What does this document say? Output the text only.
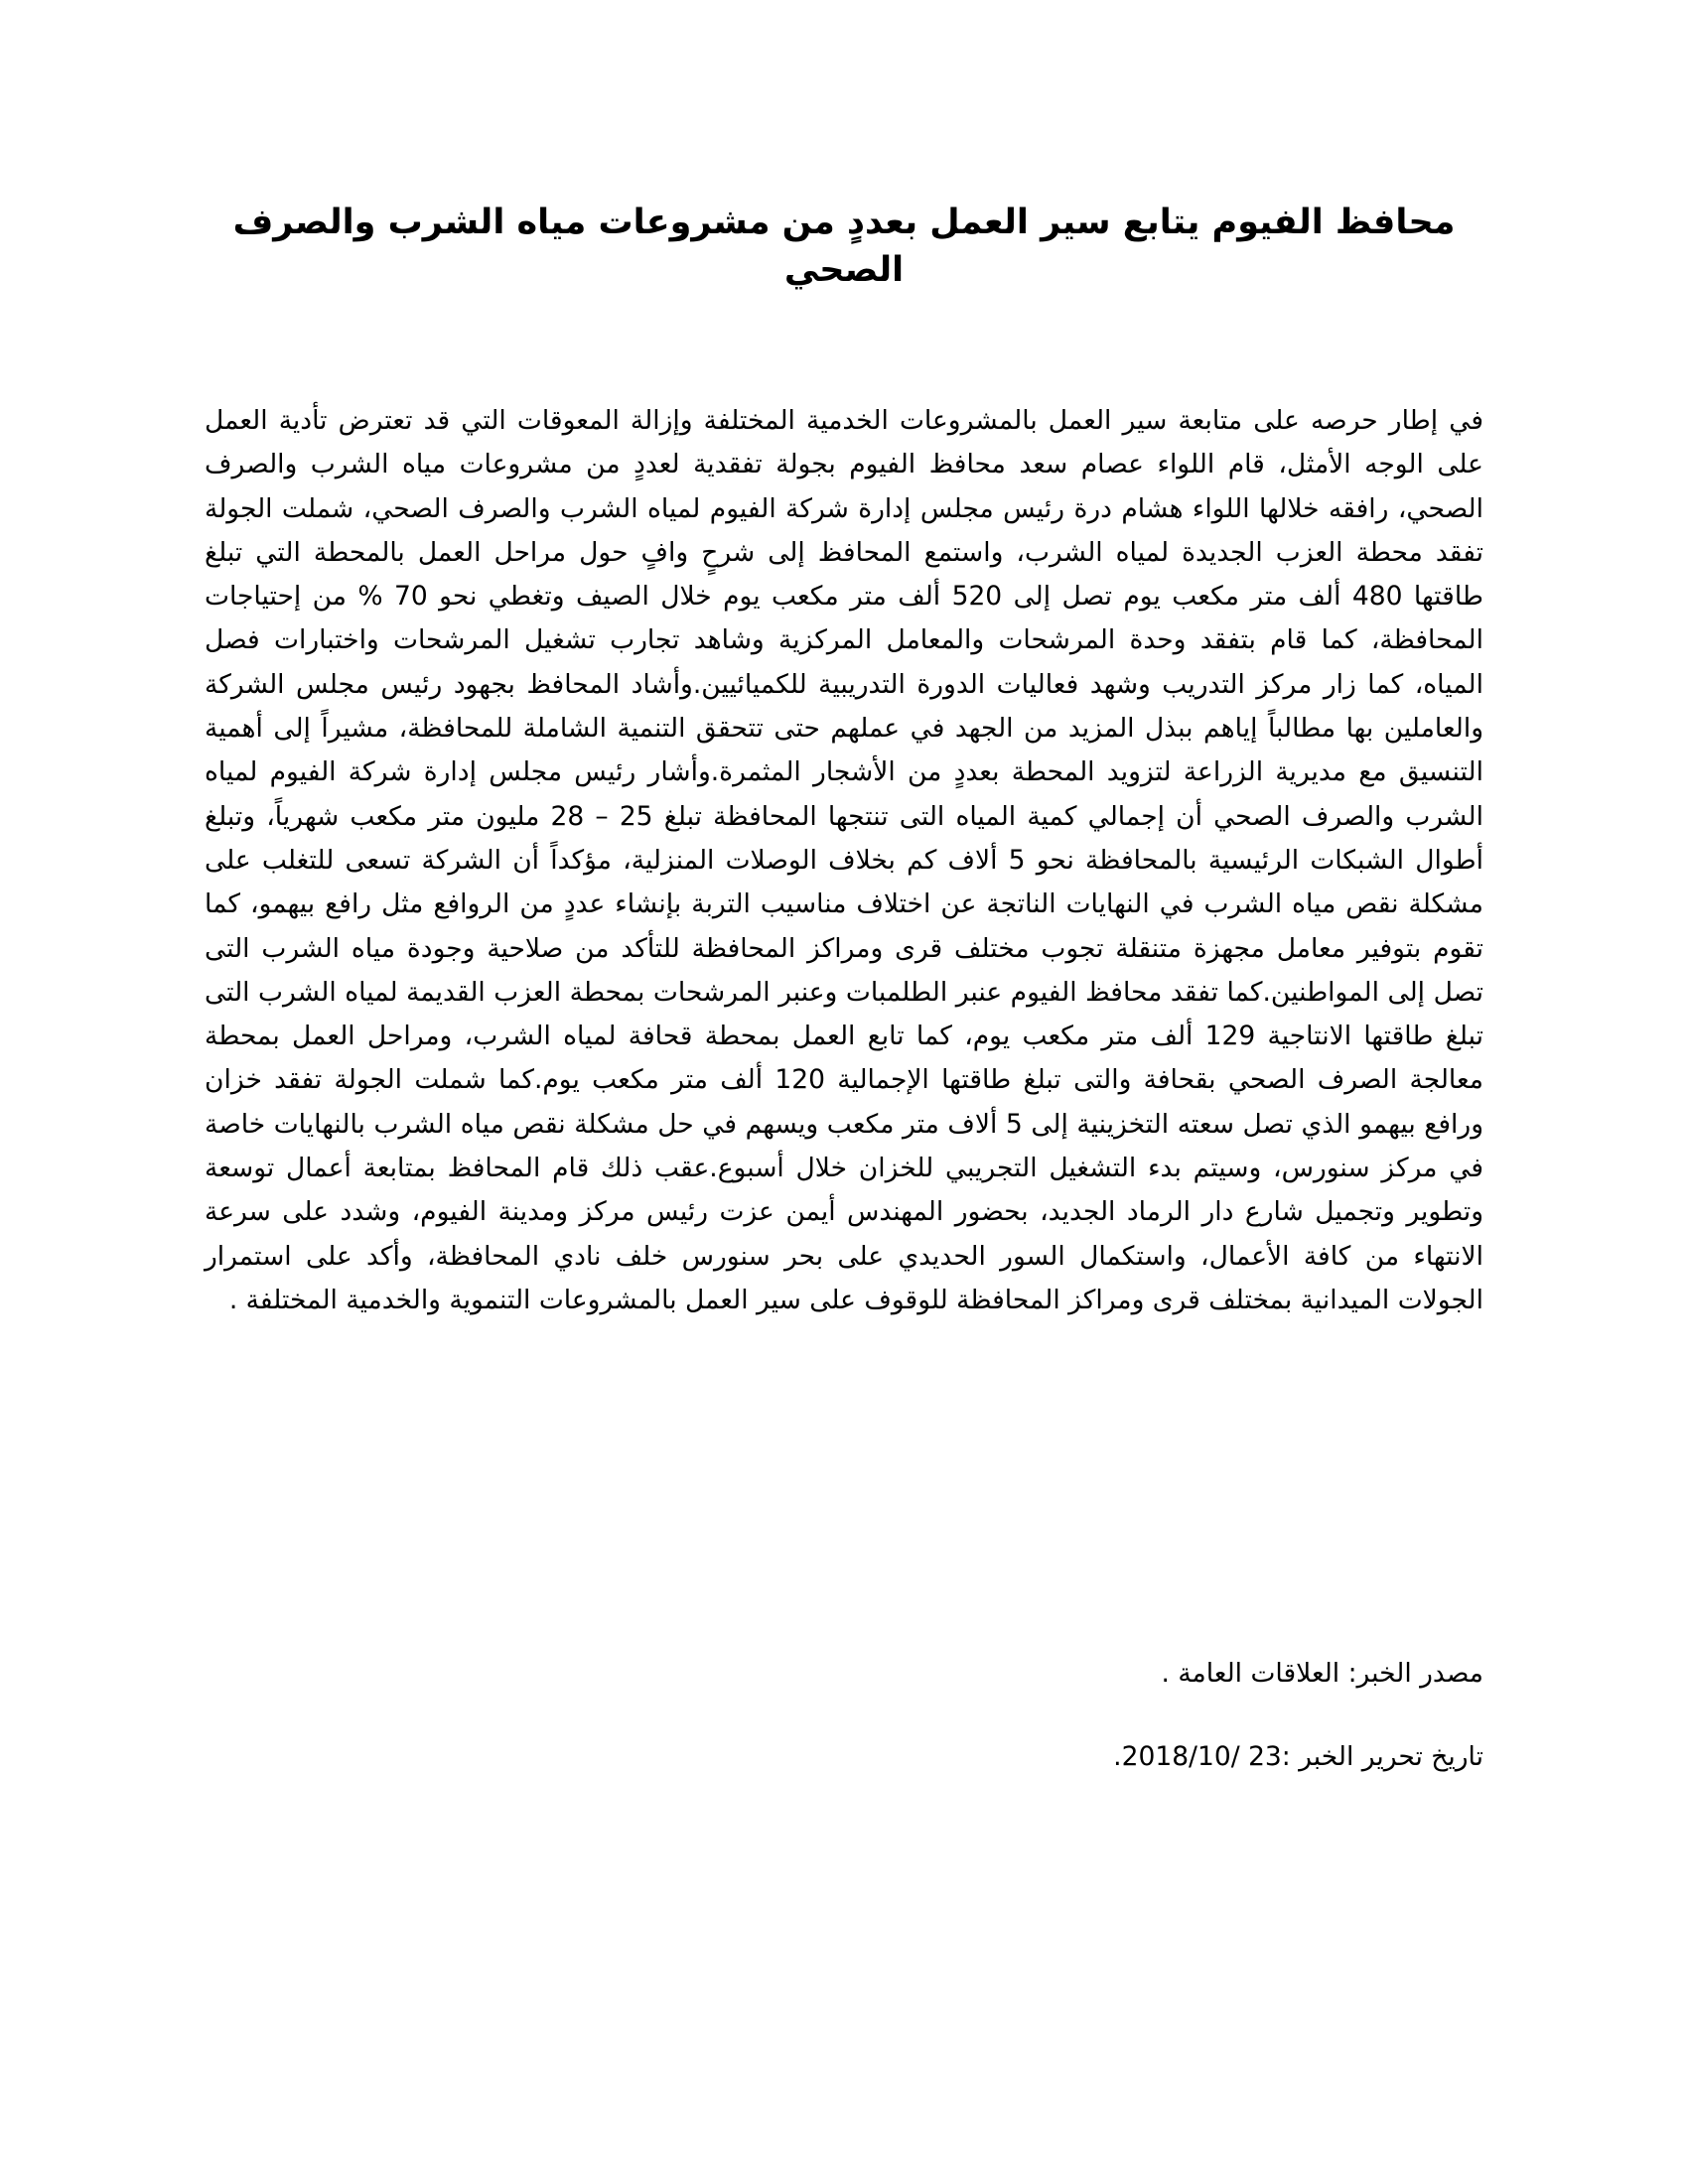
محافظ الفيوم يتابع سير العمل بعددٍ من مشروعات مياه الشرب والصرف الصحي

في إطار حرصه على متابعة سير العمل بالمشروعات الخدمية المختلفة وإزالة المعوقات التي قد تعترض تأدية العمل على الوجه الأمثل، قام اللواء عصام سعد محافظ الفيوم بجولة تفقدية لعددٍ من مشروعات مياه الشرب والصرف الصحي، رافقه خلالها اللواء هشام درة رئيس مجلس إدارة شركة الفيوم لمياه الشرب والصرف الصحي، شملت الجولة تفقد محطة العزب الجديدة لمياه الشرب، واستمع المحافظ إلى شرحٍ وافٍ حول مراحل العمل بالمحطة التي تبلغ طاقتها 480 ألف متر مكعب يوم تصل إلى 520 ألف متر مكعب يوم خلال الصيف وتغطي نحو 70 % من إحتياجات المحافظة، كما قام بتفقد وحدة المرشحات والمعامل المركزية وشاهد تجارب تشغيل المرشحات واختبارات فصل المياه، كما زار مركز التدريب وشهد فعاليات الدورة التدريبية للكميائيين.وأشاد المحافظ بجهود رئيس مجلس الشركة والعاملين بها مطالباً إياهم ببذل المزيد من الجهد في عملهم حتى تتحقق التنمية الشاملة للمحافظة، مشيراً إلى أهمية التنسيق مع مديرية الزراعة لتزويد المحطة بعددٍ من الأشجار المثمرة.وأشار رئيس مجلس إدارة شركة الفيوم لمياه الشرب والصرف الصحي أن إجمالي كمية المياه التى تنتجها المحافظة تبلغ 25 – 28 مليون متر مكعب شهرياً، وتبلغ أطوال الشبكات الرئيسية بالمحافظة نحو 5 ألاف كم بخلاف الوصلات المنزلية، مؤكداً أن الشركة تسعى للتغلب على مشكلة نقص مياه الشرب في النهايات الناتجة عن اختلاف مناسيب التربة بإنشاء عددٍ من الروافع مثل رافع بيهمو، كما تقوم بتوفير معامل مجهزة متنقلة تجوب مختلف قرى ومراكز المحافظة للتأكد من صلاحية وجودة مياه الشرب التى تصل إلى المواطنين.كما تفقد محافظ الفيوم عنبر الطلمبات وعنبر المرشحات بمحطة العزب القديمة لمياه الشرب التى تبلغ طاقتها الانتاجية 129 ألف متر مكعب يوم، كما تابع العمل بمحطة قحافة لمياه الشرب، ومراحل العمل بمحطة معالجة الصرف الصحي بقحافة والتى تبلغ طاقتها الإجمالية 120 ألف متر مكعب يوم.كما شملت الجولة تفقد خزان ورافع بيهمو الذي تصل سعته التخزينية إلى 5 ألاف متر مكعب ويسهم في حل مشكلة نقص مياه الشرب بالنهايات خاصة في مركز سنورس، وسيتم بدء التشغيل التجريبي للخزان خلال أسبوع.عقب ذلك قام المحافظ بمتابعة أعمال توسعة وتطوير وتجميل شارع دار الرماد الجديد، بحضور المهندس أيمن عزت رئيس مركز ومدينة الفيوم، وشدد على سرعة الانتهاء من كافة الأعمال، واستكمال السور الحديدي على بحر سنورس خلف نادي المحافظة، وأكد على استمرار الجولات الميدانية بمختلف قرى ومراكز المحافظة للوقوف على سير العمل بالمشروعات التنموية والخدمية المختلفة .

مصدر الخبر: العلاقات العامة .

تاريخ تحرير الخبر :23 /2018/10.
